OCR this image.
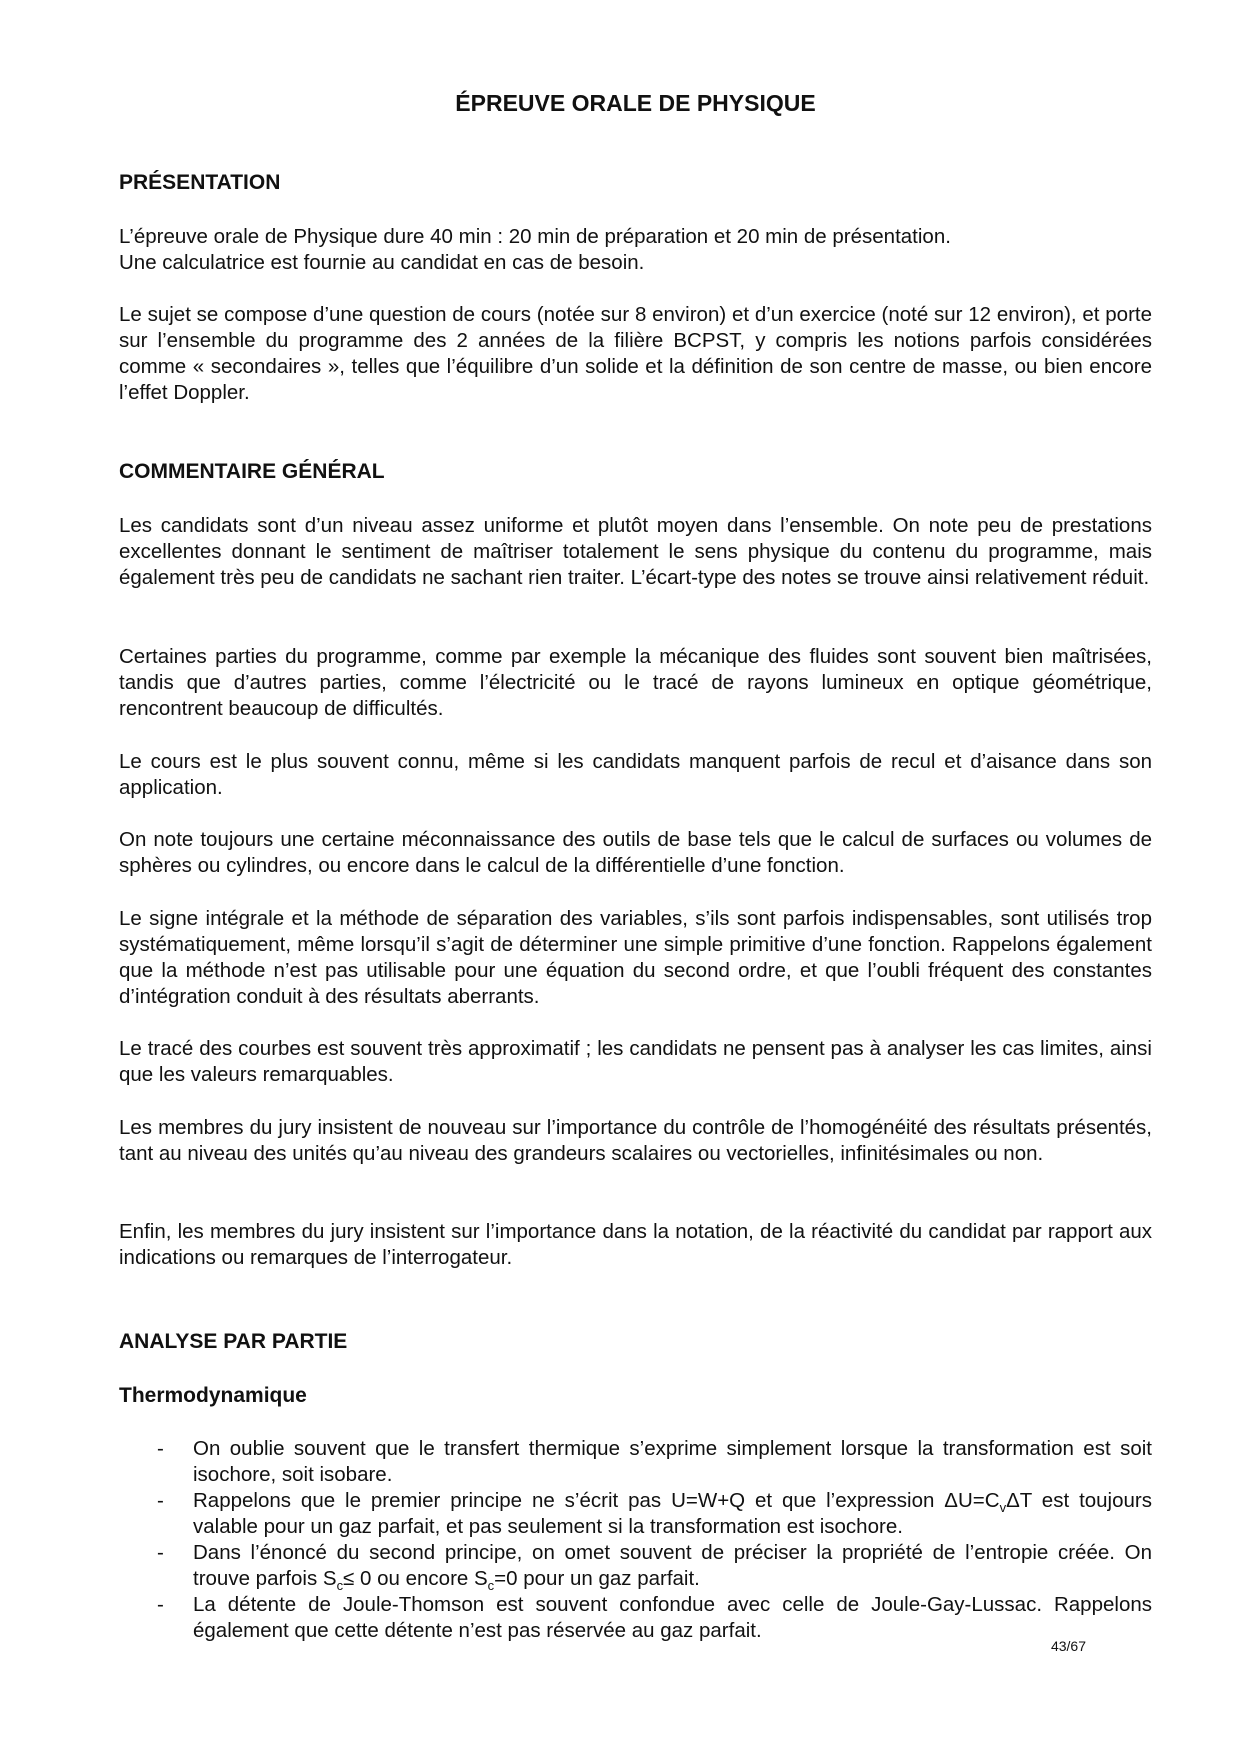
ÉPREUVE ORALE DE PHYSIQUE
PRÉSENTATION

L’épreuve orale de Physique dure 40 min : 20 min de préparation et 20 min de présentation.
Une calculatrice est fournie au candidat en cas de besoin.

Le sujet se compose d’une question de cours (notée sur 8 environ) et d’un exercice (noté sur 12 environ), et porte sur l’ensemble du programme des 2 années de la filière BCPST, y compris les notions parfois considérées comme « secondaires », telles que l’équilibre d’un solide et la définition de son centre de masse, ou bien encore l’effet Doppler.

COMMENTAIRE GÉNÉRAL

Les candidats sont d’un niveau assez uniforme et plutôt moyen dans l’ensemble. On note peu de prestations excellentes donnant le sentiment de maîtriser totalement le sens physique du contenu du programme, mais également très peu de candidats ne sachant rien traiter. L’écart-type des notes se trouve ainsi relativement réduit.

Certaines parties du programme, comme par exemple la mécanique des fluides sont souvent bien maîtrisées, tandis que d’autres parties, comme l’électricité ou le tracé de rayons lumineux en optique géométrique, rencontrent beaucoup de difficultés.

Le cours est le plus souvent connu, même si les candidats manquent parfois de recul et d’aisance dans son application.

On note toujours une certaine méconnaissance des outils de base tels que le calcul de surfaces ou volumes de sphères ou cylindres, ou encore dans le calcul de la différentielle d’une fonction.

Le signe intégrale et la méthode de séparation des variables, s’ils sont parfois indispensables, sont utilisés trop systématiquement, même lorsqu’il s’agit de déterminer une simple primitive d’une fonction. Rappelons également que la méthode n’est pas utilisable pour une équation du second ordre, et que l’oubli fréquent des constantes d’intégration conduit à des résultats aberrants.

Le tracé des courbes est souvent très approximatif ; les candidats ne pensent pas à analyser les cas limites, ainsi que les valeurs remarquables.

Les membres du jury insistent de nouveau sur l’importance du contrôle de l’homogénéité des résultats présentés, tant au niveau des unités qu’au niveau des grandeurs scalaires ou vectorielles, infinitésimales ou non.

Enfin, les membres du jury insistent sur l’importance dans la notation, de la réactivité du candidat par rapport aux indications ou remarques de l’interrogateur.

ANALYSE PAR PARTIE
Thermodynamique
- On oublie souvent que le transfert thermique s’exprime simplement lorsque la transformation est soit isochore, soit isobare.
- Rappelons que le premier principe ne s’écrit pas U=W+Q et que l’expression $\Delta U=C_v\Delta T$ est toujours valable pour un gaz parfait, et pas seulement si la transformation est isochore.
- Dans l’énoncé du second principe, on omet souvent de préciser la propriété de l’entropie créée. On trouve parfois $S_c\le 0$ ou encore $S_c=0$ pour un gaz parfait.
- La détente de Joule-Thomson est souvent confondue avec celle de Joule-Gay-Lussac. Rappelons également que cette détente n’est pas réservée au gaz parfait.

43/67
